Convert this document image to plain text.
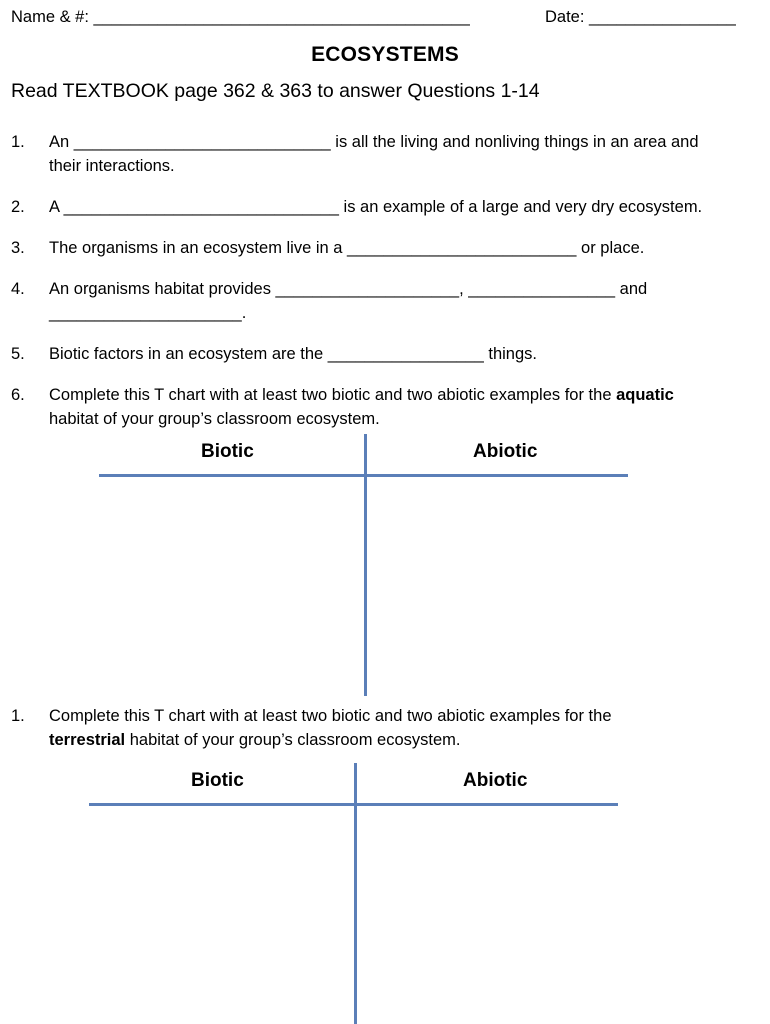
Name & #: _________________________________________	Date: ________________
ECOSYSTEMS
Read TEXTBOOK page 362 & 363 to answer Questions 1-14
1. An ____________________________ is all the living and nonliving things in an area and
their interactions.
2. A ______________________________ is an example of a large and very dry ecosystem.
3. The organisms in an ecosystem live in a _________________________ or place.
4. An organisms habitat provides ____________________, ________________ and
_____________________.
5. Biotic factors in an ecosystem are the _________________ things.
6. Complete this T chart with at least two biotic and two abiotic examples for the aquatic
habitat of your group’s classroom ecosystem.
Biotic	Abiotic
1. Complete this T chart with at least two biotic and two abiotic examples for the
terrestrial habitat of your group’s classroom ecosystem.
Biotic	Abiotic
